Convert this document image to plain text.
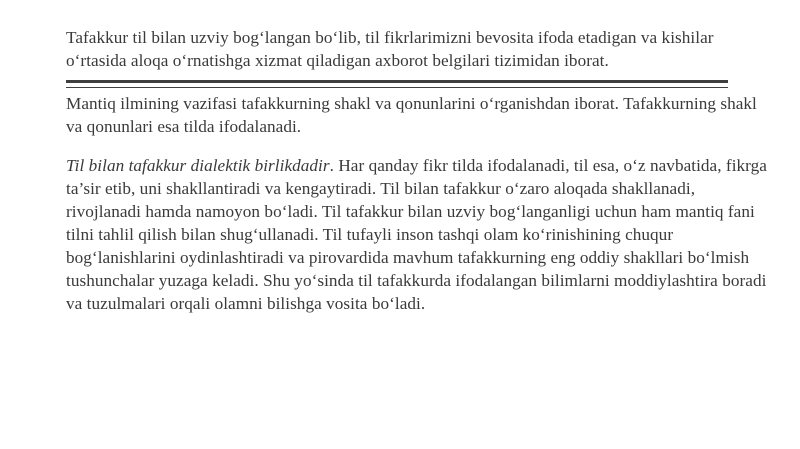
Tafakkur til bilan uzviy bog‘langan bo‘lib, til fikrlarimizni bevosita ifoda etadigan va kishilar o‘rtasida aloqa o‘rnatishga xizmat qiladigan axborot belgilari tizimidan iborat.

Mantiq ilmining vazifasi tafakkurning shakl va qonunlarini o‘rganishdan iborat. Tafakkurning shakl va qonunlari esa tilda ifodalanadi.

Til bilan tafakkur dialektik birlikdadir. Har qanday fikr tilda ifodalanadi, til esa, o‘z navbatida, fikrga ta’sir etib, uni shakllantiradi va kengaytiradi. Til bilan tafakkur o‘zaro aloqada shakllanadi, rivojlanadi hamda namoyon bo‘ladi. Til tafakkur bilan uzviy bog‘langanligi uchun ham mantiq fani tilni tahlil qilish bilan shug‘ullanadi. Til tufayli inson tashqi olam ko‘rinishining chuqur bog‘lanishlarini oydinlashtiradi va pirovardida mavhum tafakkurning eng oddiy shakllari bo‘lmish tushunchalar yuzaga keladi. Shu yo‘sinda til tafakkurda ifodalangan bilimlarni moddiylashtira boradi va tuzulmalari orqali olamni bilishga vosita bo‘ladi.
